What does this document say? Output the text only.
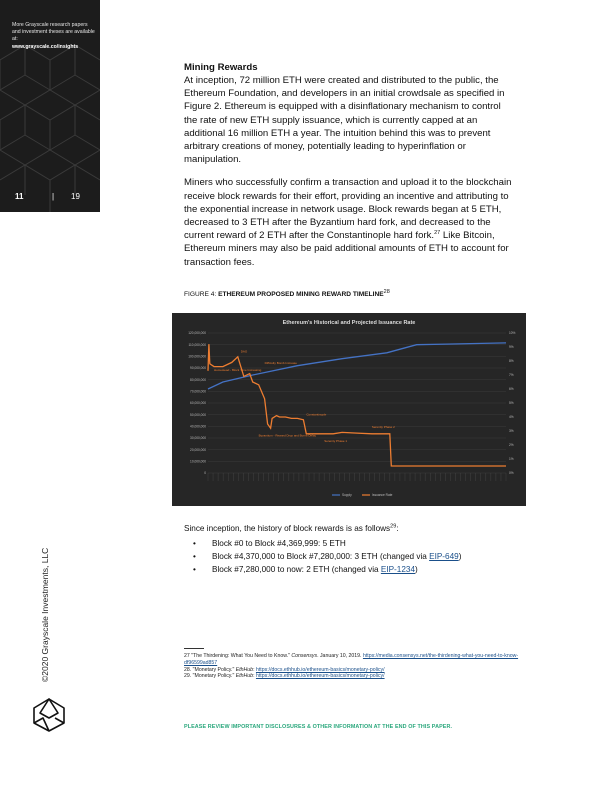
More Grayscale research papers and investment theses are available at:
www.grayscale.co/insights
11	| 19
©2020 Grayscale Investments, LLC
Mining Rewards

At inception, 72 million ETH were created and distributed to the public, the Ethereum Foundation, and developers in an initial crowdsale as specified in Figure 2. Ethereum is equipped with a disinflationary mechanism to control the rate of new ETH supply issuance, which is currently capped at an additional 16 million ETH a year. The intuition behind this was to prevent arbitrary creations of money, potentially leading to hyperinflation or manipulation.

Miners who successfully confirm a transaction and upload it to the blockchain receive block rewards for their effort, providing an incentive and attributing to the exponential increase in network usage. Block rewards began at 5 ETH, decreased to 3 ETH after the Byzantium hard fork, and decreased to the current reward of 2 ETH after the Constantinople hard fork.$^{27}$ Like Bitcoin, Ethereum miners may also be paid additional amounts of ETH to account for transaction fees.

FIGURE 4: ETHEREUM PROPOSED MINING REWARD TIMELINE$^{28}$
Ethereum's Historical and Projected Issuance Rate
120,000,000
110,000,000
100,000,000
90,000,000
80,000,000
70,000,000
60,000,000
50,000,000
40,000,000
30,000,000
20,000,000
10,000,000
0
10%
9%
8%
7%
6%
5%
4%
3%
2%
1%
0%
Homestead - Block Time Increasing
DAO
Difficulty Bomb Increase
Byzantium - Reward Drop and Bomb Delay
Constantinople
Serenity Phase 1
Serenity Phase 2
Supply	Issuance Rate
Since inception, the history of block rewards is as follows$^{29}$:
• Block #0 to Block #4,369,999: 5 ETH
• Block #4,370,000 to Block #7,280,000: 3 ETH (changed via EIP-649)
• Block #7,280,000 to now: 2 ETH (changed via EIP-1234)
27 "The Thirdening: What You Need to Know." Consensys. January 10, 2019. https://media.consensys.net/the-thirdening-what-you-need-to-know-df96599ad857
28. "Monetary Policy." EthHub: https://docs.ethhub.io/ethereum-basics/monetary-policy/
29. "Monetary Policy." EthHub: https://docs.ethhub.io/ethereum-basics/monetary-policy/
PLEASE REVIEW IMPORTANT DISCLOSURES & OTHER INFORMATION AT THE END OF THIS PAPER.
